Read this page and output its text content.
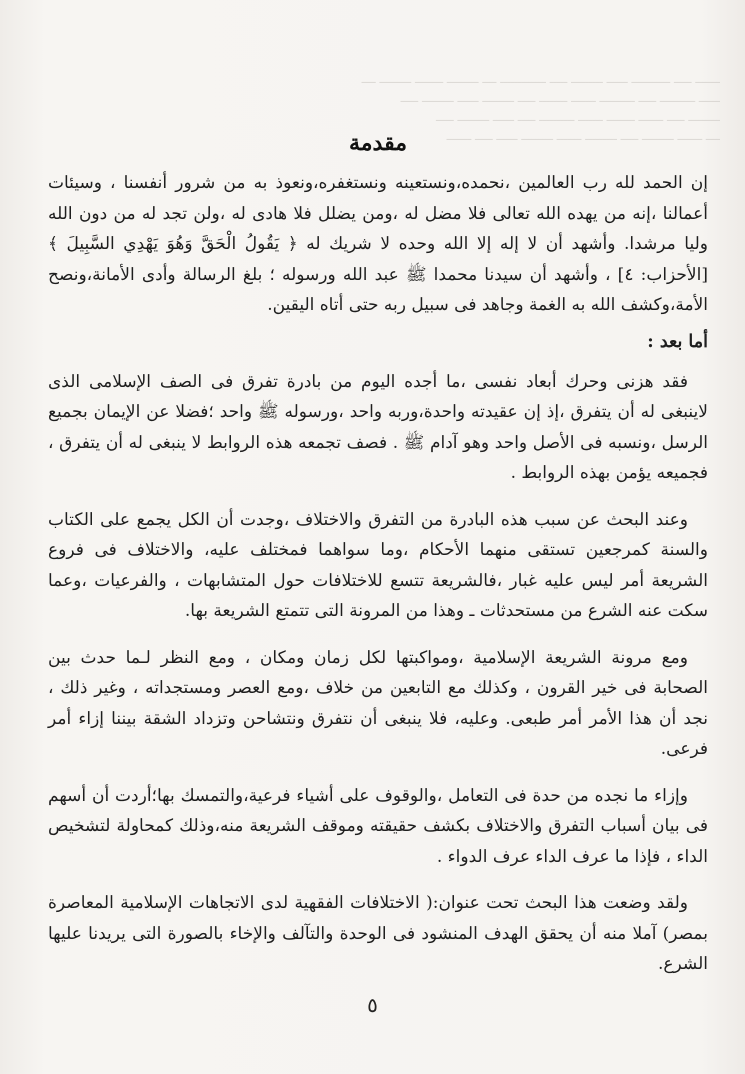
ـــــــ ـــــ ـــــــــــ ــــــ ـــــــــ ـــــ ـــــــــــــ ــــ ـــــــــ ــــــــ ـــــــــ ــــ
ــــــ ــــــــــ ـــــ ــــــــــ ـــــــ ــــــــ ـــــ ـــــــــ ــــــ ـــــــــ ـــــ
ـــــــــ ـــــ ـــــــ ــــــــ ـــــــ ــــــــــ ـــــ ــــــ ـــــــــ ـــــ
ــــ ـــــــ ـــــــــ ـــــ ـــــــــ ـــــــ ـــــــــ ــــــ ـــــ ـــــــ
مقدمة

إن الحمد لله رب العالمين ،نحمده،ونستعينه ونستغفره،ونعوذ به من شرور أنفسنا ، وسيئات أعمالنا ،إنه من يهده الله تعالى فلا مضل له ،ومن يضلل فلا هادى له ،ولن تجد له من دون الله وليا مرشدا. وأشهد أن لا إله إلا الله وحده لا شريك له ﴿ يَقُولُ الْحَقَّ وَهُوَ يَهْدِي السَّبِيلَ ﴾ [الأحزاب: ٤] ، وأشهد أن سيدنا محمدا ﷺ عبد الله ورسوله ؛ بلغ الرسالة وأدى الأمانة،ونصح الأمة،وكشف الله به الغمة وجاهد فى سبيل ربه حتى أتاه اليقين.

أما بعد :

فقد هزنى وحرك أبعاد نفسى ،ما أجده اليوم من بادرة تفرق فى الصف الإسلامى الذى لاينبغى له أن يتفرق ،إذ إن عقيدته واحدة،وربه واحد ،ورسوله ﷺ واحد ؛فضلا عن الإيمان بجميع الرسل ،ونسبه فى الأصل واحد وهو آدام ﷺ . فصف تجمعه هذه الروابط لا ينبغى له أن يتفرق ، فجميعه يؤمن بهذه الروابط .

وعند البحث عن سبب هذه البادرة من التفرق والاختلاف ،وجدت أن الكل يجمع على الكتاب والسنة كمرجعين تستقى منهما الأحكام ،وما سواهما فمختلف عليه، والاختلاف فى فروع الشريعة أمر ليس عليه غبار ،فالشريعة تتسع للاختلافات حول المتشابهات ، والفرعيات ،وعما سكت عنه الشرع من مستحدثات ـ وهذا من المرونة التى تتمتع الشريعة بها.

ومع مرونة الشريعة الإسلامية ،ومواكبتها لكل زمان ومكان ، ومع النظر لـما حدث بين الصحابة فى خير القرون ، وكذلك مع التابعين من خلاف ،ومع العصر ومستجداته ، وغير ذلك ، نجد أن هذا الأمر أمر طبعى. وعليه، فلا ينبغى أن نتفرق ونتشاحن وتزداد الشقة بيننا إزاء أمر فرعى.

وإزاء ما نجده من حدة فى التعامل ،والوقوف على أشياء فرعية،والتمسك بها؛أردت أن أسهم فى بيان أسباب التفرق والاختلاف بكشف حقيقته وموقف الشريعة منه،وذلك كمحاولة لتشخيص الداء ، فإذا ما عرف الداء عرف الدواء .

ولقد وضعت هذا البحث تحت عنوان:( الاختلافات الفقهية لدى الاتجاهات الإسلامية المعاصرة بمصر) آملا منه أن يحقق الهدف المنشود فى الوحدة والتآلف والإخاء بالصورة التى يريدنا عليها الشرع.

٥
